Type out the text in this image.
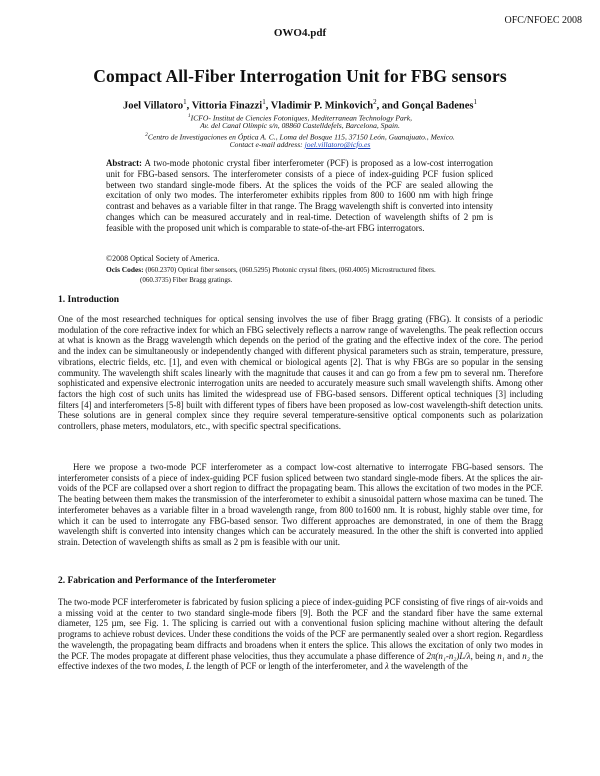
OFC/NFOEC 2008
OWO4.pdf
Compact All-Fiber Interrogation Unit for FBG sensors
Joel Villatoro$^1$, Vittoria Finazzi$^1$, Vladimir P. Minkovich$^2$, and Gonçal Badenes$^1$
$^1$ICFO- Institut de Ciencies Fotoniques, Mediterranean Technology Park,
Av. del Canal Olímpic s/n, 08860 Castelldefels, Barcelona, Spain.
$^2$Centro de Investigaciones en Óptica A. C., Loma del Bosque 115, 37150 León, Guanajuato., Mexico.
Contact e-mail address: joel.villatoro@icfo.es
Abstract: A two-mode photonic crystal fiber interferometer (PCF) is proposed as a low-cost interrogation unit for FBG-based sensors. The interferometer consists of a piece of index-guiding PCF fusion spliced between two standard single-mode fibers. At the splices the voids of the PCF are sealed allowing the excitation of only two modes. The interferometer exhibits ripples from 800 to 1600 nm with high fringe contrast and behaves as a variable filter in that range. The Bragg wavelength shift is converted into intensity changes which can be measured accurately and in real-time. Detection of wavelength shifts of 2 pm is feasible with the proposed unit which is comparable to state-of-the-art FBG interrogators.
©2008 Optical Society of America.
Ocis Codes: (060.2370) Optical fiber sensors, (060.5295) Photonic crystal fibers, (060.4005) Microstructured fibers.
(060.3735) Fiber Bragg gratings.
1. Introduction
One of the most researched techniques for optical sensing involves the use of fiber Bragg grating (FBG). It consists of a periodic modulation of the core refractive index for which an FBG selectively reflects a narrow range of wavelengths. The peak reflection occurs at what is known as the Bragg wavelength which depends on the period of the grating and the effective index of the core. The period and the index can be simultaneously or independently changed with different physical parameters such as strain, temperature, pressure, vibrations, electric fields, etc. [1], and even with chemical or biological agents [2]. That is why FBGs are so popular in the sensing community. The wavelength shift scales linearly with the magnitude that causes it and can go from a few pm to several nm. Therefore sophisticated and expensive electronic interrogation units are needed to accurately measure such small wavelength shifts. Among other factors the high cost of such units has limited the widespread use of FBG-based sensors. Different optical techniques [3] including filters [4] and interferometers [5-8] built with different types of fibers have been proposed as low-cost wavelength-shift detection units. These solutions are in general complex since they require several temperature-sensitive optical components such as polarization controllers, phase meters, modulators, etc., with specific spectral specifications.
Here we propose a two-mode PCF interferometer as a compact low-cost alternative to interrogate FBG-based sensors. The interferometer consists of a piece of index-guiding PCF fusion spliced between two standard single-mode fibers. At the splices the air-voids of the PCF are collapsed over a short region to diffract the propagating beam. This allows the excitation of two modes in the PCF. The beating between them makes the transmission of the interferometer to exhibit a sinusoidal pattern whose maxima can be tuned. The interferometer behaves as a variable filter in a broad wavelength range, from 800 to1600 nm. It is robust, highly stable over time, for which it can be used to interrogate any FBG-based sensor. Two different approaches are demonstrated, in one of them the Bragg wavelength shift is converted into intensity changes which can be accurately measured. In the other the shift is converted into applied strain. Detection of wavelength shifts as small as 2 pm is feasible with our unit.
2. Fabrication and Performance of the Interferometer
The two-mode PCF interferometer is fabricated by fusion splicing a piece of index-guiding PCF consisting of five rings of air-voids and a missing void at the center to two standard single-mode fibers [9]. Both the PCF and the standard fiber have the same external diameter, 125 µm, see Fig. 1. The splicing is carried out with a conventional fusion splicing machine without altering the default programs to achieve robust devices. Under these conditions the voids of the PCF are permanently sealed over a short region. Regardless the wavelength, the propagating beam diffracts and broadens when it enters the splice. This allows the excitation of only two modes in the PCF. The modes propagate at different phase velocities, thus they accumulate a phase difference of 2π(n₁-n₂)L/λ, being n₁ and n₂ the effective indexes of the two modes, L the length of PCF or length of the interferometer, and λ the wavelength of the
